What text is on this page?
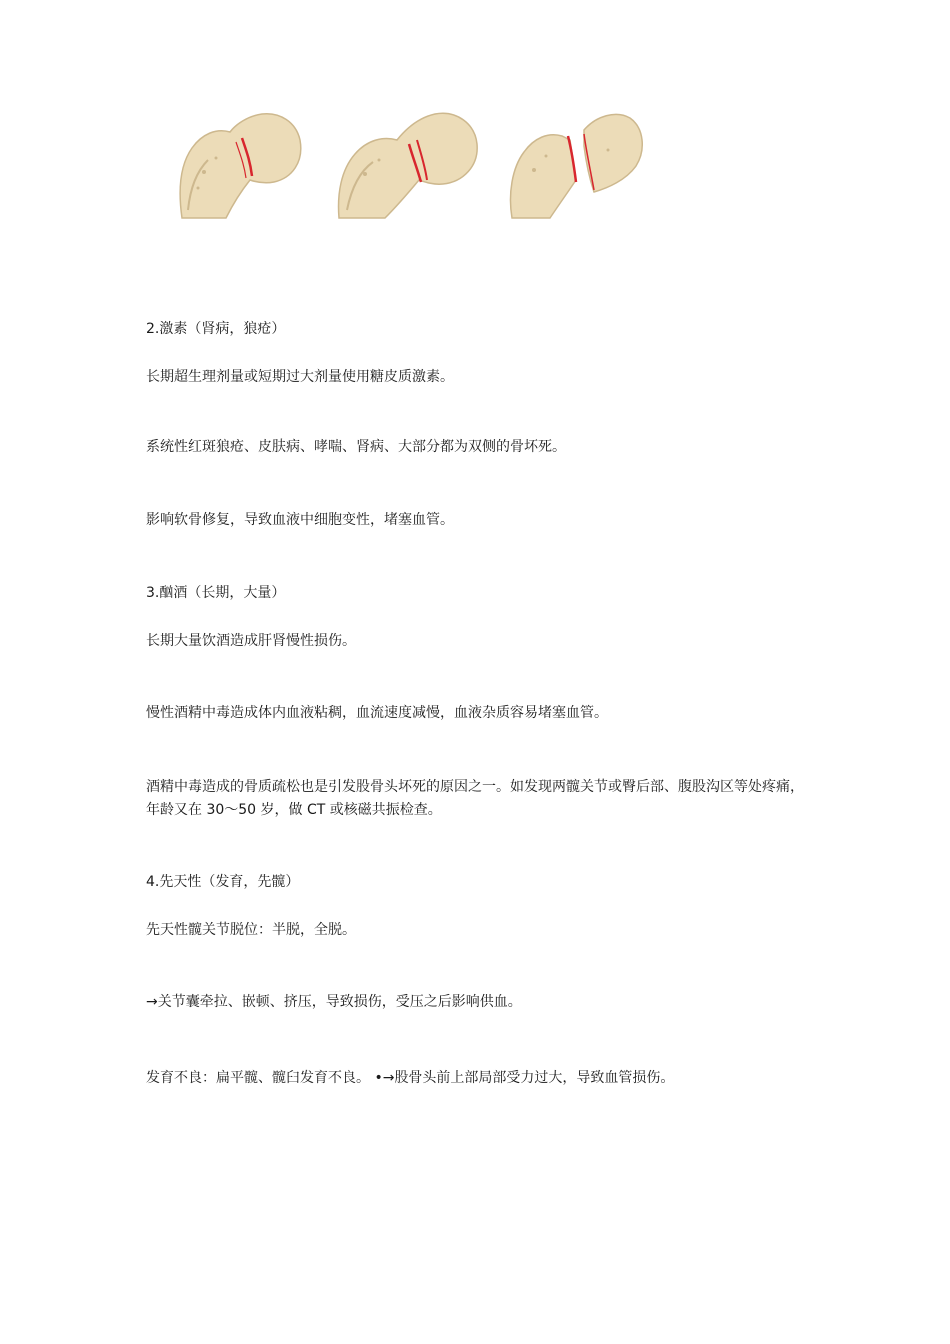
2.激素（肾病，狼疮）

长期超生理剂量或短期过大剂量使用糖皮质激素。

系统性红斑狼疮、皮肤病、哮喘、肾病、大部分都为双侧的骨坏死。

影响软骨修复，导致血液中细胞变性，堵塞血管。

3.酗酒（长期，大量）

长期大量饮酒造成肝肾慢性损伤。

慢性酒精中毒造成体内血液粘稠，血流速度减慢，血液杂质容易堵塞血管。

酒精中毒造成的骨质疏松也是引发股骨头坏死的原因之一。如发现两髋关节或臀后部、腹股沟区等处疼痛，年龄又在 30～50 岁，做 CT 或核磁共振检查。

4.先天性（发育，先髋）

先天性髋关节脱位：半脱，全脱。

→关节囊牵拉、嵌顿、挤压，导致损伤，受压之后影响供血。

发育不良：扁平髋、髋臼发育不良。 •→股骨头前上部局部受力过大，导致血管损伤。
